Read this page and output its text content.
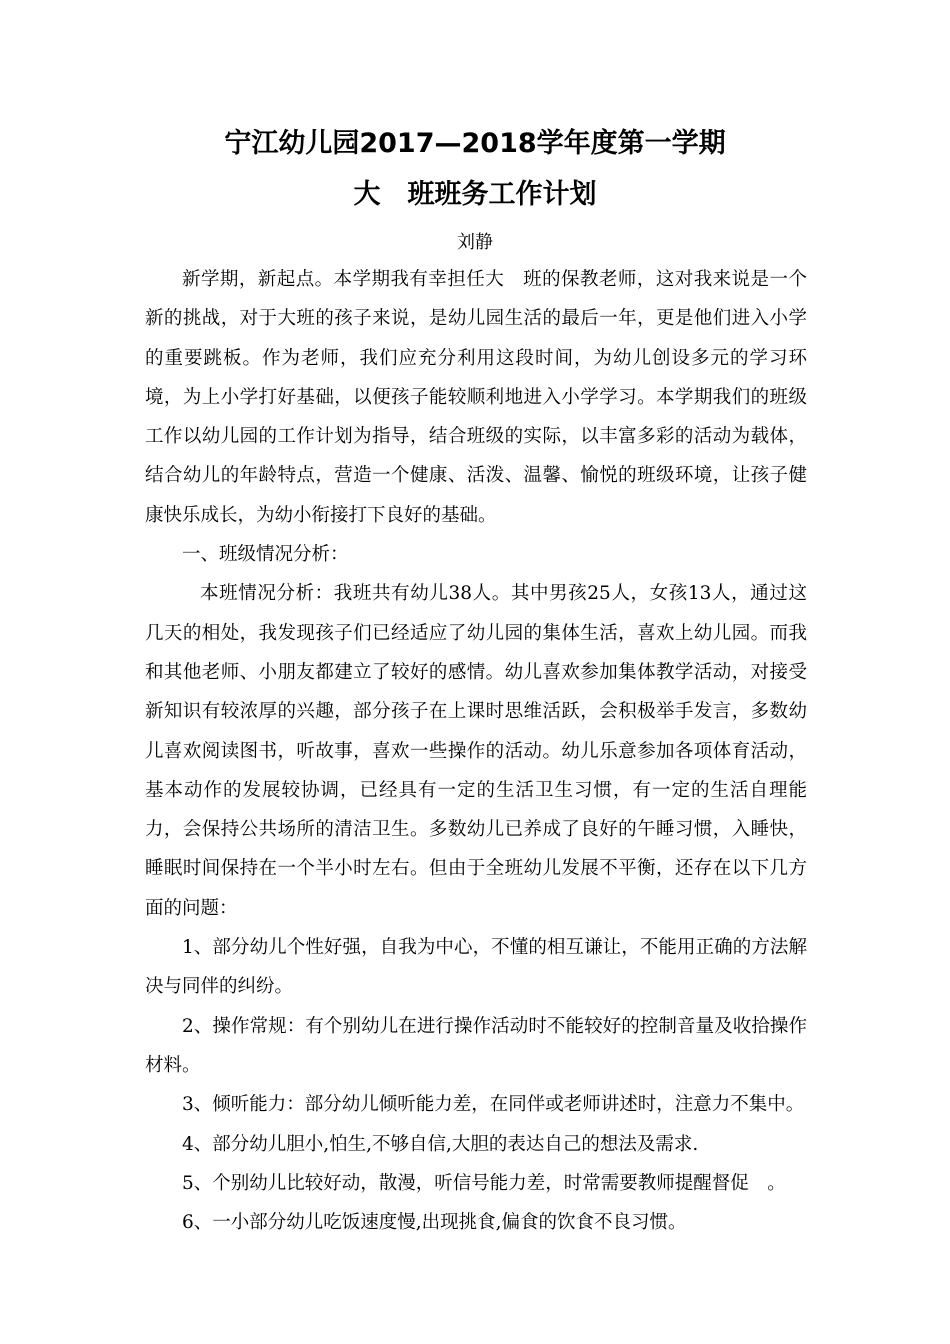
宁江幼儿园2017—2018学年度第一学期
大　班班务工作计划
刘静

新学期，新起点。本学期我有幸担任大　班的保教老师，这对我来说是一个新的挑战，对于大班的孩子来说，是幼儿园生活的最后一年，更是他们进入小学的重要跳板。作为老师，我们应充分利用这段时间，为幼儿创设多元的学习环境，为上小学打好基础，以便孩子能较顺利地进入小学学习。本学期我们的班级工作以幼儿园的工作计划为指导，结合班级的实际，以丰富多彩的活动为载体，结合幼儿的年龄特点，营造一个健康、活泼、温馨、愉悦的班级环境，让孩子健康快乐成长，为幼小衔接打下良好的基础。

一、班级情况分析：

本班情况分析：我班共有幼儿38人。其中男孩25人，女孩13人，通过这几天的相处，我发现孩子们已经适应了幼儿园的集体生活，喜欢上幼儿园。而我和其他老师、小朋友都建立了较好的感情。幼儿喜欢参加集体教学活动，对接受新知识有较浓厚的兴趣，部分孩子在上课时思维活跃，会积极举手发言，多数幼儿喜欢阅读图书，听故事，喜欢一些操作的活动。幼儿乐意参加各项体育活动，基本动作的发展较协调，已经具有一定的生活卫生习惯，有一定的生活自理能力，会保持公共场所的清洁卫生。多数幼儿已养成了良好的午睡习惯，入睡快，睡眠时间保持在一个半小时左右。但由于全班幼儿发展不平衡，还存在以下几方面的问题：

1、部分幼儿个性好强，自我为中心，不懂的相互谦让，不能用正确的方法解决与同伴的纠纷。

2、操作常规：有个别幼儿在进行操作活动时不能较好的控制音量及收拾操作材料。

3、倾听能力：部分幼儿倾听能力差，在同伴或老师讲述时，注意力不集中。

4、部分幼儿胆小,怕生,不够自信,大胆的表达自己的想法及需求.

5、个别幼儿比较好动，散漫，听信号能力差，时常需要教师提醒督促　。

6、一小部分幼儿吃饭速度慢,出现挑食,偏食的饮食不良习惯。
